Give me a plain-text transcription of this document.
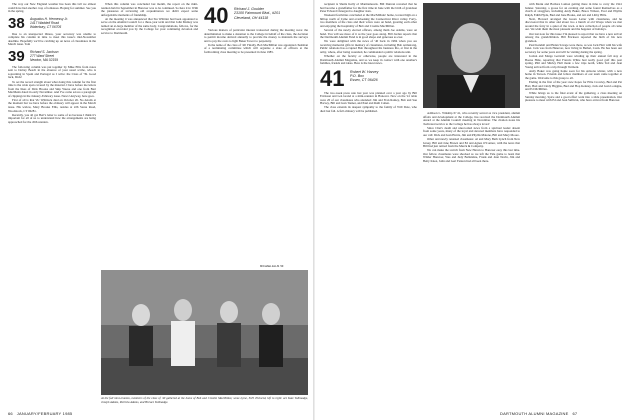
The way our New England weather has been this fall we almost could have had another crop of tomatoes. Hoping for summer. See you in the spring.

38	Augustus H. Hennessy Jr.
1417 Waddell Road
Waterbury, CT 06705

Due to an unexpected illness, your secretary was unable to complete his column in time to meet this issue's mid-November deadline. Hopefully we'll be catching up on news of classmates in the March issue. Tom

39	Richard S. Jackson
277 Ward Street
Newton, MA 02159

The following column was put together by Mike Ellis from notes sent to Delray Beach in the absence of your usual scribe, who is sojourning in Spain and Portugal as I write: the Class of '39. Good luck, Dick!

To set the record straight about what doing this column for the first time is the wide span covered by the material. I have before me letters from the likes of Dick Brooks and Skip Weese and one from Bert MacMenn dated in early November. And I've come across a paragraph of clippings in the January-February issue. News! Anyway, here goes.

First of all is that Vic Whitlock died on October 26. No details at the moment but we have before the obituary will appear in the March issue. His widow, Mary Brooks Ellis, resides at 226 Stone Road, Woodstock, CT 06281.

Recently, you all got Bert's letter to some of us because I think it's important for all of us to understand how the arrangements are being approached for the 45th reunion.

When this column was concluded last month, the report on the mini-reunion held in September in Hanover was to be continued. So here it is: With the pleasures of reviewing old acquaintances we didn't expect some unforgettable moments of friendship.

At the meeting it was announced that Stu Whittier had been appointed to serve on the Alumni Council for a three-year term and that John Manley was named an at-large member of the same body. Congratulations, fellows, for the recognition accorded you by the College for your continuing devotion and service to Dartmouth.

40	Richard J. Goulder
23100 Fairmount Blvd., #201
Cleveland, OH 44118

Various matters of particular interest transacted during the meeting were: the determination to make a donation to the College in behalf of the class, the decision to permit income derived annually to provide the money to maintain the surveys and to pay the costs to light Baker Tower to perpetuity.

In the name of the class of '40: Finally, Bob MacMillan was appointed chairman of a nominating committee which will organize a slate of officers at the forthcoming class meeting to be presented in June 1985.

MICHAEL ELLIS '39
At the fall mini-reunion, members of the class of '40 gathered at the home of Bob and Crosbie MacMillan; some Lyme, N.H. Pictured, left to right: are Kate Tallmadge, Joseph Adams, Patricia Adams, and Horace Tallmadge.
66 JANUARY/FEBRUARY 1985

recipient is Sheila Kelly of Marmamouck. Bill Duncan revealed that he had become a grandfather for the first time in June with the birth of grandson Peter Edward Ostergard to daughter Jean.

Weekend festivities concluded at the MacMillans' home, located high on a hilltop north of Lyme and overlooking the Connecticut River valley. Forty-two members of the class and their wives were on hand, greeting each other and enjoying the hospitality of Bob and Crosbie MacMillan.

Several of the newly elected officers, among them Joe Adams, were on hand. You will see more of it as the year goes along. Bill Jordan reports that the Dartmouth Alumni Fund is in good shape and generous as ever.

We were delighted with the news of '40 back in 1984 when you are receiving memorial gifts in memory of classmates, including Bob Armstrong, Public relations has occupied Bob throughout his business life, at first in the army, where, after being wounded, he commanded a public relations unit.

Whether on the faculty or otherwise, people are interested in the Dartmouth Alumni Magazine, and so we keep in contact with one another's families, friends and ideas. Here is the latest news.

41	Robert W. Harvey
P.O. Box
Essex, CT 06426

The two-week press sale last year was planned over a year ago by Bill Erickson and Len Grand at a mini-reunion in Hanover. Now on the '41 table were 20 of our classmates who attended: Jim and Fran Rainey, Bob and Sue Harvey, Bill and Jean Tanner, and Paul and Ruth Cohen.

The class extends its deepest sympathy to the family of Will Dole, who died last fall. A full obituary will be published.	Addison L. Winship II '41, who recently served as vice president, alumni affairs and development at the College, has received the Dartmouth Alumni Award at the Alumni Council meeting in November. The citation notes his 'dedicated service to the College he has always loved.'

Since Chet's death and unrecorded news from a spiritual leader absent from some years, many of the loyal and devoted members have responded to our call: Dick and Jean Harris, Jim and Phyllis Malone, Bill and Mary Moore.

Other and newly returned classmates: Al and Mary Beth Lynch from New Jersey, Bill and Jane Brown and Ed and Agnes O'Connor, with the news that Bill had just retired from the Merck & Company.

We can make the switch from New Haven to Hanover easy this last time. Our fellow classmates were shocked as we left the Yale game to learn that Wilder Hanover, Wes and Judy Ballantine, Frank and Jean Nevin, Jim and Betty Knox, John and Gert Fenton had all been there.

with Monk and Barbara Lamon getting there in time to carry the 1941 banner. Saturday, a goose for an evening and some found themselves as a clutch of stragglers, including Andy Baker, Bruce Wilson, Fred and Phyllis Ralph, Edith Hyde, Bud and Jane Hooks, and Art and Libby Hills.

Next, Howard arranged the Green Letter with classmates, and he discovered that in other and about two a hunch of old Wasps when we met around the ferry in a quiet of the town. A nice collection of people all came out. We wish them the most pleasant and the happiest of holidays.

Our last note for this issue: I'm pleased to report that we have a new arrival among the grandchildren. Bill Erickson reported the birth of his new grandson.

Paul Kendall and Helen Savage were there, as was Jack Hart with his wife Janet. Jack was from Hanover, now living in Bethel, Conn. He has been our secretary for some years and will be visiting during the spring.

Jordan and Marge Gottstall were winding up their annual fall stay at Boone Hide, reporting that Francis White had really good golf this past spring. Phil and Shirley Hall made a few trips north, while Ted and Jean Young arrived from a trip through Vermont.

Andy Baker was going home soon for his Arizona winter, with a new home in Tucson. Friends and fellow members of our team came together at the game. Welcome to this group to all.

Ending in the first of the year: new hopes for Ellie Crowley, Bud and Pat Hart, Bud and Cindy Higgins, Bud and Hop Kenney, Jack and Jean Lodagne, and Ed McMillan.

While brings us to the final event of the gathering, a class meeting on Sunday morning. Spice and a good effort went into a slide presentation. Our pleasure to meet with Ed and Jean Sullivan, who have arrived from Hanover.

DARTMOUTH ALUMNI MAGAZINE 67
